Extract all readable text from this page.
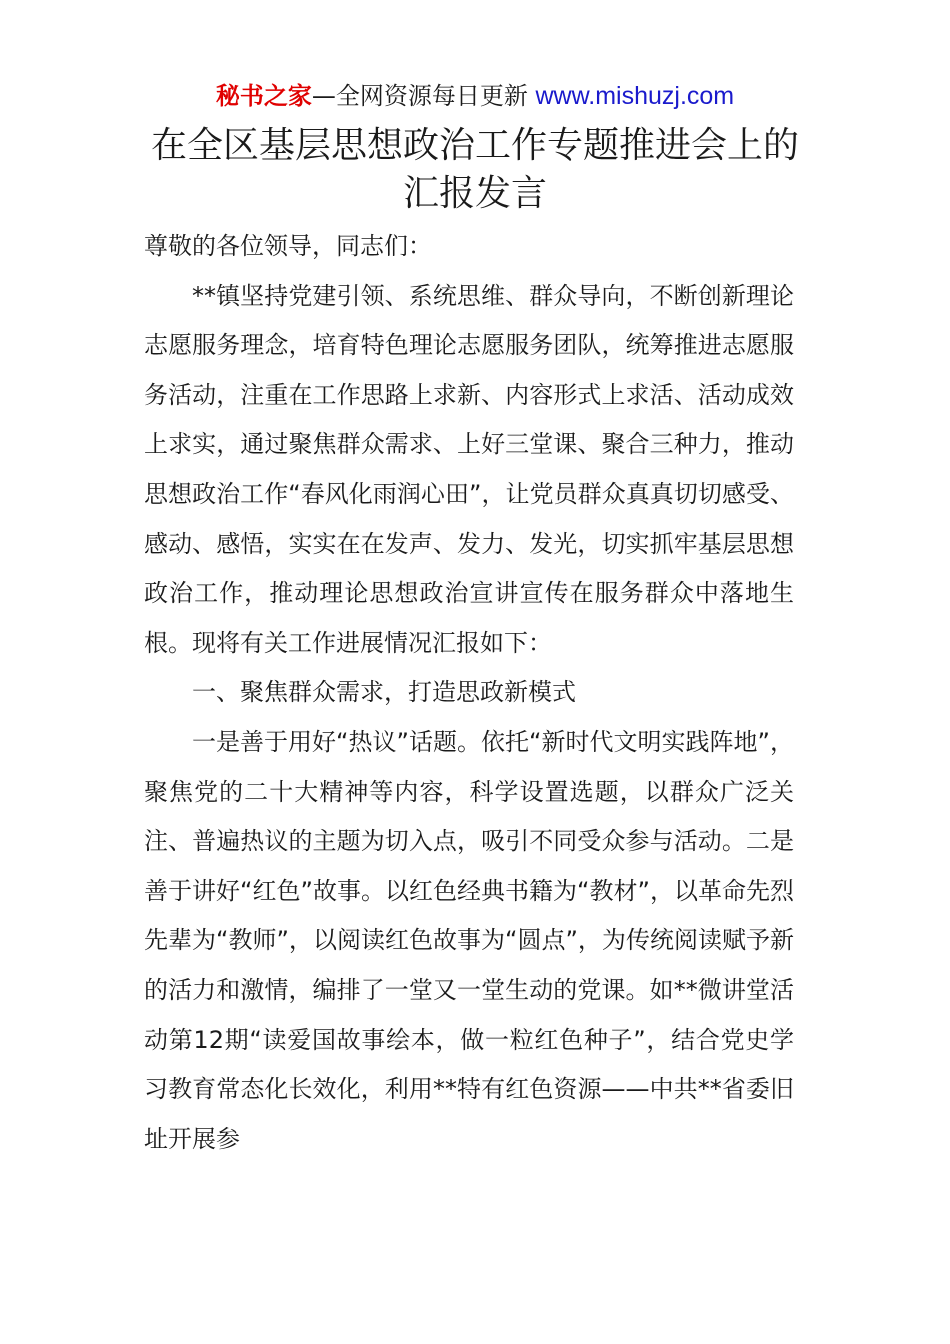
秘书之家—全网资源每日更新 www.mishuzj.com
在全区基层思想政治工作专题推进会上的
汇报发言

尊敬的各位领导，同志们：

**镇坚持党建引领、系统思维、群众导向，不断创新理论志愿服务理念，培育特色理论志愿服务团队，统筹推进志愿服务活动，注重在工作思路上求新、内容形式上求活、活动成效上求实，通过聚焦群众需求、上好三堂课、聚合三种力，推动思想政治工作“春风化雨润心田”，让党员群众真真切切感受、感动、感悟，实实在在发声、发力、发光，切实抓牢基层思想政治工作，推动理论思想政治宣讲宣传在服务群众中落地生根。现将有关工作进展情况汇报如下：

一、聚焦群众需求，打造思政新模式

一是善于用好“热议”话题。依托“新时代文明实践阵地”，聚焦党的二十大精神等内容，科学设置选题，以群众广泛关注、普遍热议的主题为切入点，吸引不同受众参与活动。二是善于讲好“红色”故事。以红色经典书籍为“教材”，以革命先烈先辈为“教师”，以阅读红色故事为“圆点”，为传统阅读赋予新的活力和激情，编排了一堂又一堂生动的党课。如**微讲堂活动第12期“读爱国故事绘本，做一粒红色种子”，结合党史学习教育常态化长效化，利用**特有红色资源——中共**省委旧址开展参
